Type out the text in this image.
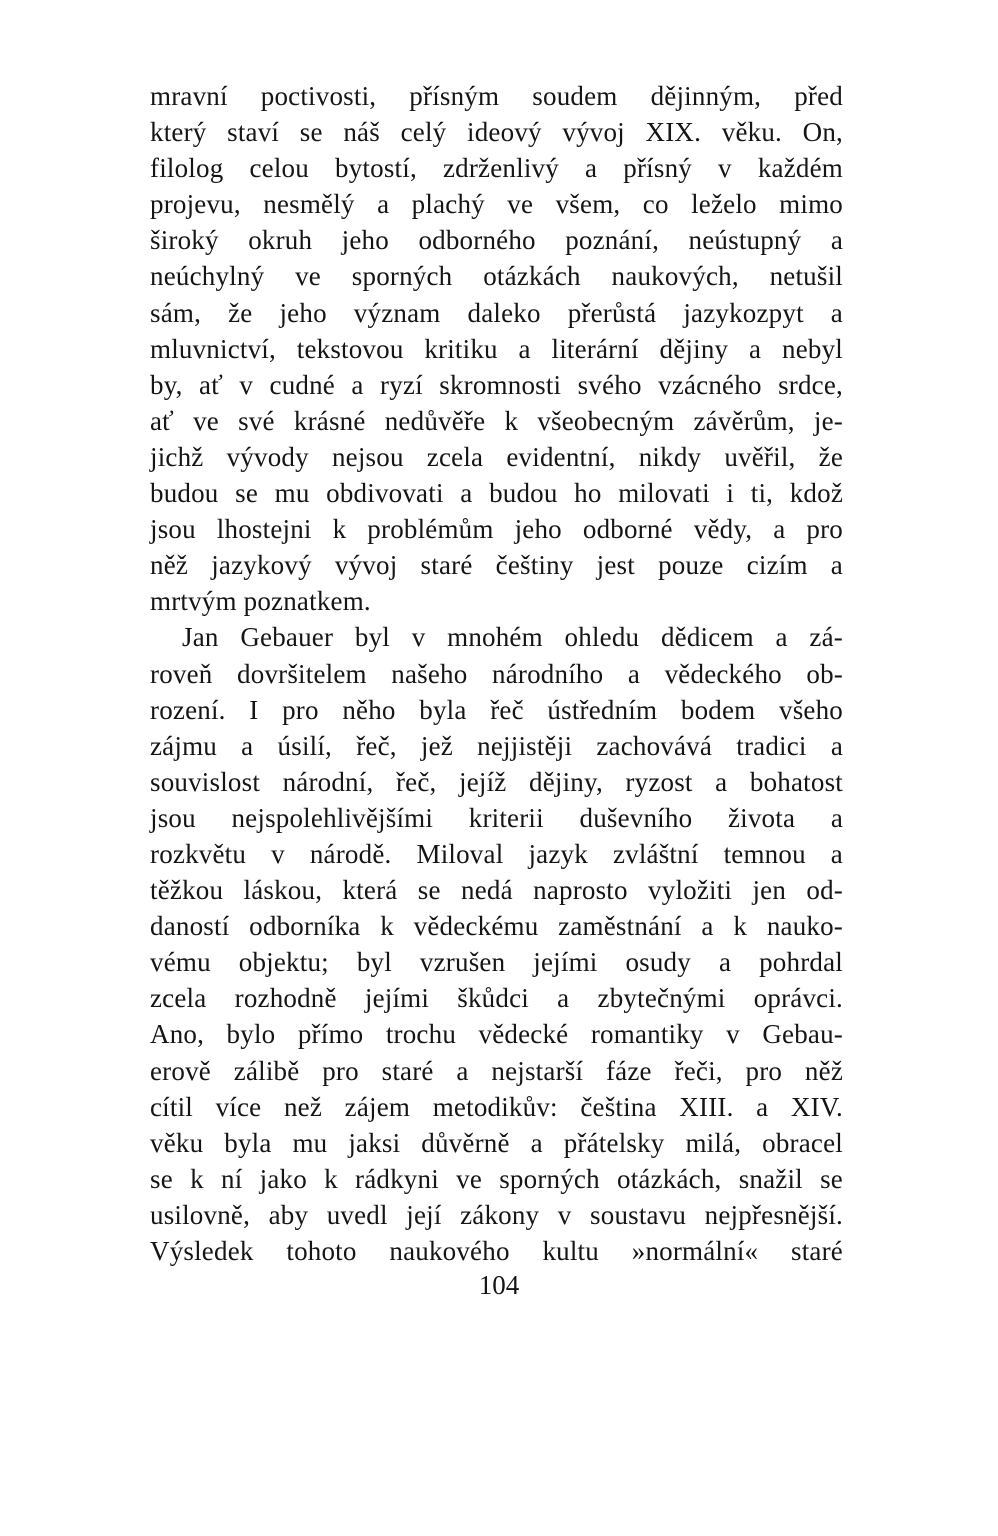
mravní poctivosti, přísným soudem dějinným, před
který staví se náš celý ideový vývoj XIX. věku. On,
filolog celou bytostí, zdrženlivý a přísný v každém
projevu, nesmělý a plachý ve všem, co leželo mimo
široký okruh jeho odborného poznání, neústupný a
neúchylný ve sporných otázkách naukových, netušil
sám, že jeho význam daleko přerůstá jazykozpyt a
mluvnictví, tekstovou kritiku a literární dějiny a nebyl
by, ať v cudné a ryzí skromnosti svého vzácného srdce,
ať ve své krásné nedůvěře k všeobecným závěrům, je-
jichž vývody nejsou zcela evidentní, nikdy uvěřil, že
budou se mu obdivovati a budou ho milovati i ti, kdož
jsou lhostejni k problémům jeho odborné vědy, a pro
něž jazykový vývoj staré češtiny jest pouze cizím a
mrtvým poznatkem.
Jan Gebauer byl v mnohém ohledu dědicem a zá-
roveň dovršitelem našeho národního a vědeckého ob-
rození. I pro něho byla řeč ústředním bodem všeho
zájmu a úsilí, řeč, jež nejjistěji zachovává tradici a
souvislost národní, řeč, jejíž dějiny, ryzost a bohatost
jsou nejspolehlivějšími kriterii duševního života a
rozkvětu v národě. Miloval jazyk zvláštní temnou a
těžkou láskou, která se nedá naprosto vyložiti jen od-
daností odborníka k vědeckému zaměstnání a k nauko-
vému objektu; byl vzrušen jejími osudy a pohrdal
zcela rozhodně jejími škůdci a zbytečnými oprávci.
Ano, bylo přímo trochu vědecké romantiky v Gebau-
erově zálibě pro staré a nejstarší fáze řeči, pro něž
cítil více než zájem metodikův: čeština XIII. a XIV.
věku byla mu jaksi důvěrně a přátelsky milá, obracel
se k ní jako k rádkyni ve sporných otázkách, snažil se
usilovně, aby uvedl její zákony v soustavu nejpřesnější.
Výsledek tohoto naukového kultu »normální« staré
104
